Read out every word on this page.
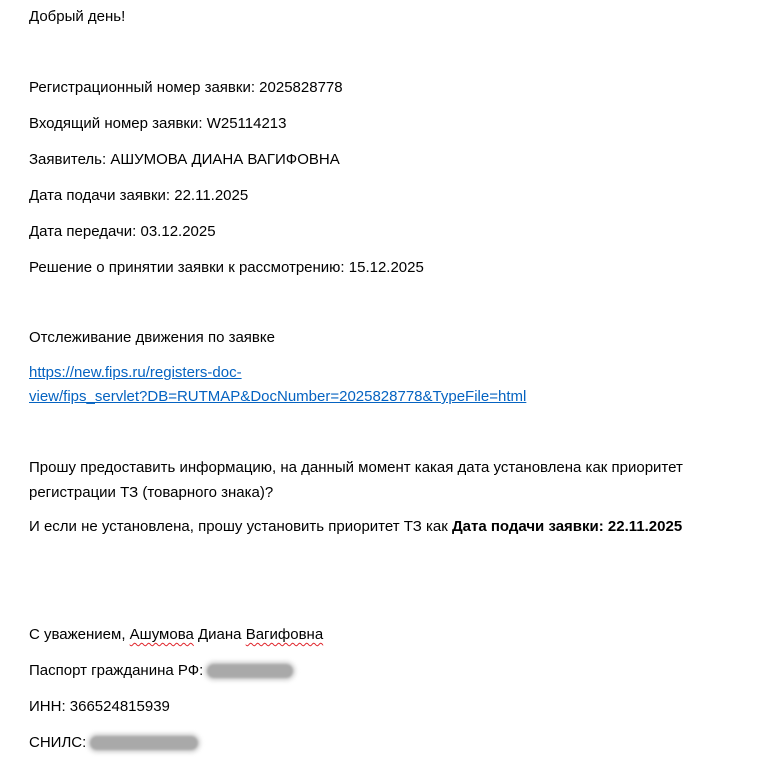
Добрый день!
Регистрационный номер заявки: 2025828778
Входящий номер заявки: W25114213
Заявитель: АШУМОВА ДИАНА ВАГИФОВНА
Дата подачи заявки: 22.11.2025
Дата передачи: 03.12.2025
Решение о принятии заявки к рассмотрению: 15.12.2025
Отслеживание движения по заявке
https://new.fips.ru/registers-doc-
view/fips_servlet?DB=RUTMAP&DocNumber=2025828778&TypeFile=html
Прошу предоставить информацию, на данный момент какая дата установлена как приоритет
регистрации ТЗ (товарного знака)?
И если не установлена, прошу установить приоритет ТЗ как Дата подачи заявки: 22.11.2025
С уважением, Ашумова Диана Вагифовна
Паспорт гражданина РФ:
ИНН: 366524815939
СНИЛС:
